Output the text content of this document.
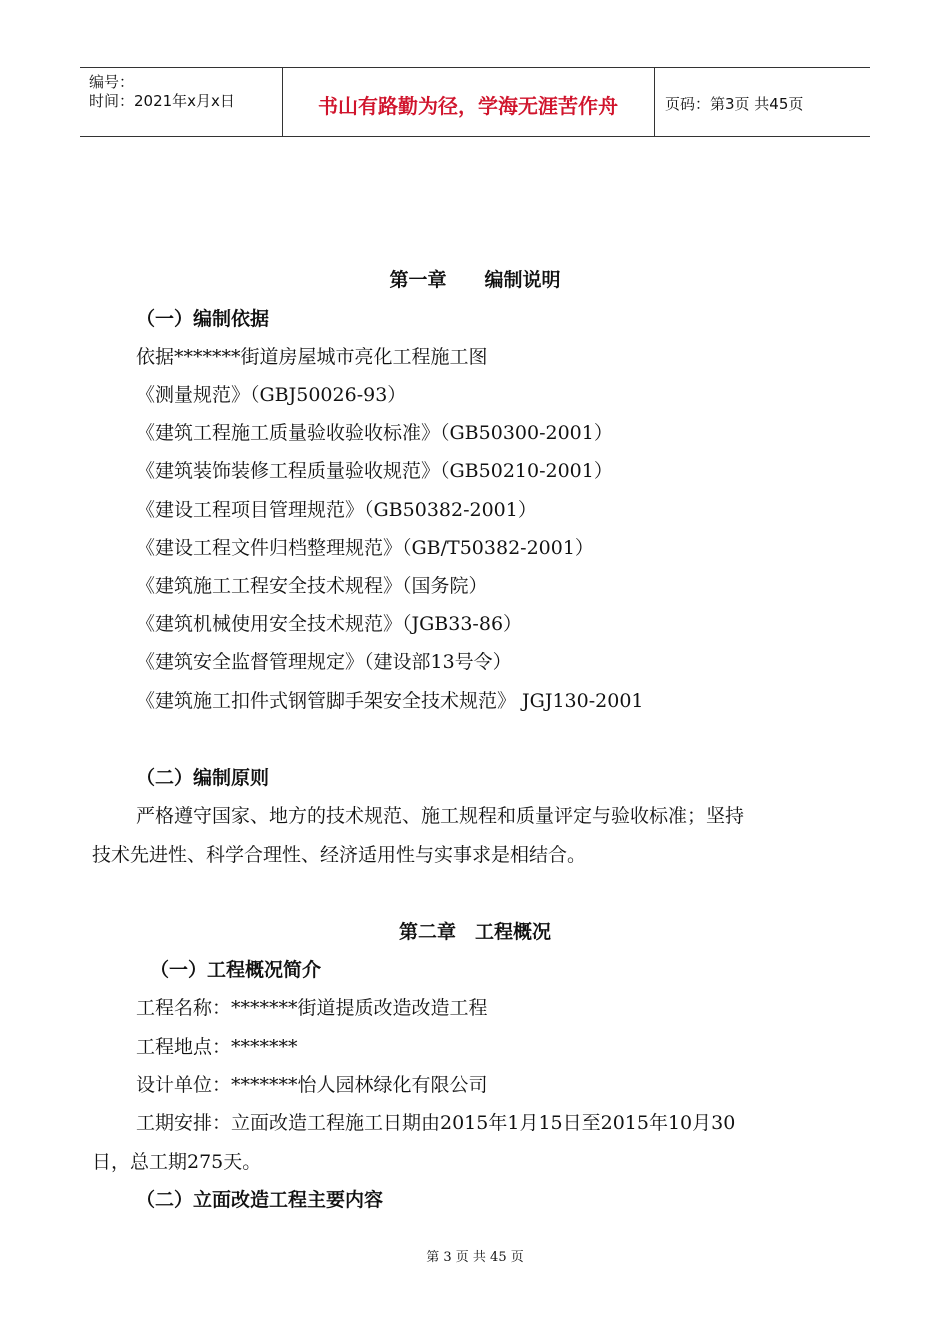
编号：
时间：2021年x月x日	书山有路勤为径，学海无涯苦作舟	页码：第3页 共45页
第一章　　编制说明
（一）编制依据
依据*******街道房屋城市亮化工程施工图
《测量规范》（GBJ50026-93）
《建筑工程施工质量验收验收标准》（GB50300-2001）
《建筑装饰装修工程质量验收规范》（GB50210-2001）
《建设工程项目管理规范》（GB50382-2001）
《建设工程文件归档整理规范》（GB/T50382-2001）
《建筑施工工程安全技术规程》（国务院）
《建筑机械使用安全技术规范》（JGB33-86）
《建筑安全监督管理规定》（建设部13号令）
《建筑施工扣件式钢管脚手架安全技术规范》 JGJ130-2001
（二）编制原则
严格遵守国家、地方的技术规范、施工规程和质量评定与验收标准；坚持
技术先进性、科学合理性、经济适用性与实事求是相结合。
第二章　工程概况
（一）工程概况简介
工程名称：*******街道提质改造改造工程
工程地点：*******
设计单位：*******怡人园林绿化有限公司
工期安排：立面改造工程施工日期由2015年1月15日至2015年10月30
日，总工期275天。
（二）立面改造工程主要内容
第 3 页 共 45 页
